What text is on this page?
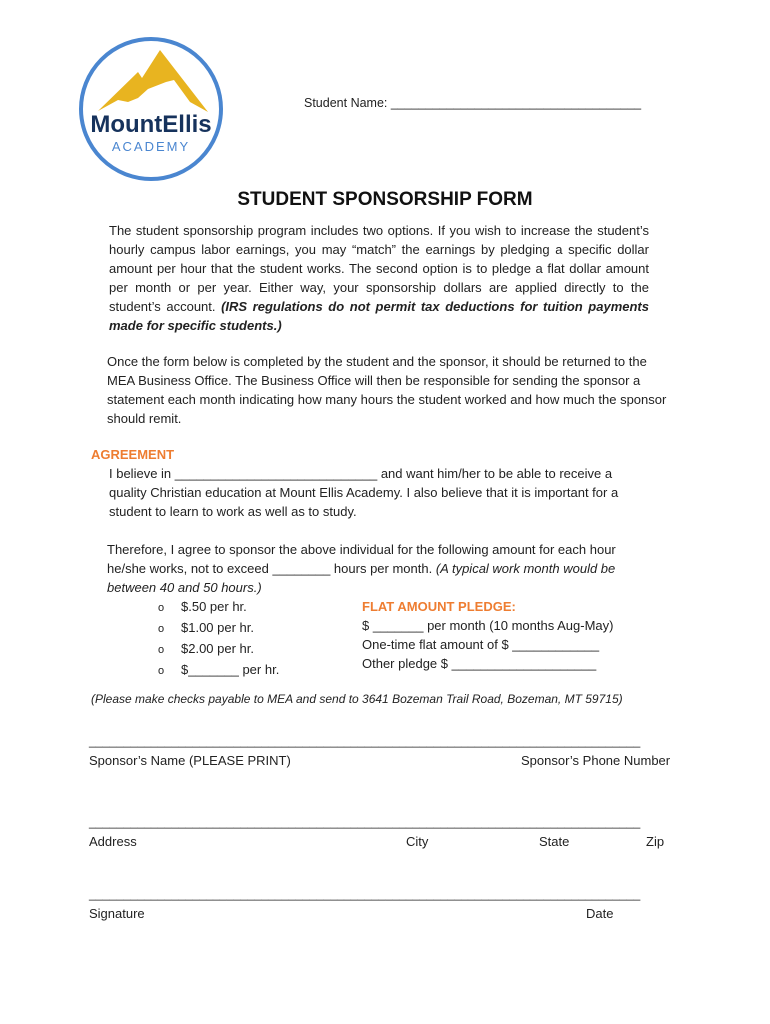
MountEllis
ACADEMY
Student Name: ____________________________________
STUDENT SPONSORSHIP FORM
The student sponsorship program includes two options. If you wish to increase the student’s hourly campus labor earnings, you may “match” the earnings by pledging a specific dollar amount per hour that the student works. The second option is to pledge a flat dollar amount per month or per year. Either way, your sponsorship dollars are applied directly to the student’s account. (IRS regulations do not permit tax deductions for tuition payments made for specific students.)
Once the form below is completed by the student and the sponsor, it should be returned to the MEA Business Office. The Business Office will then be responsible for sending the sponsor a statement each month indicating how many hours the student worked and how much the sponsor should remit.
AGREEMENT
I believe in ____________________________ and want him/her to be able to receive a quality Christian education at Mount Ellis Academy. I also believe that it is important for a student to learn to work as well as to study.
Therefore, I agree to sponsor the above individual for the following amount for each hour he/she works, not to exceed ________ hours per month. (A typical work month would be between 40 and 50 hours.)
o $.50 per hr.
o $1.00 per hr.
o $2.00 per hr.
o $_______ per hr.
FLAT AMOUNT PLEDGE:
$ _______ per month (10 months Aug-May)
One-time flat amount of $ ____________
Other pledge $ ____________________
(Please make checks payable to MEA and send to 3641 Bozeman Trail Road, Bozeman, MT 59715)
________________________________________________________________________________
Sponsor’s Name (PLEASE PRINT)	Sponsor’s Phone Number
________________________________________________________________________________
Address	City	State	Zip
________________________________________________________________________________
Signature	Date
